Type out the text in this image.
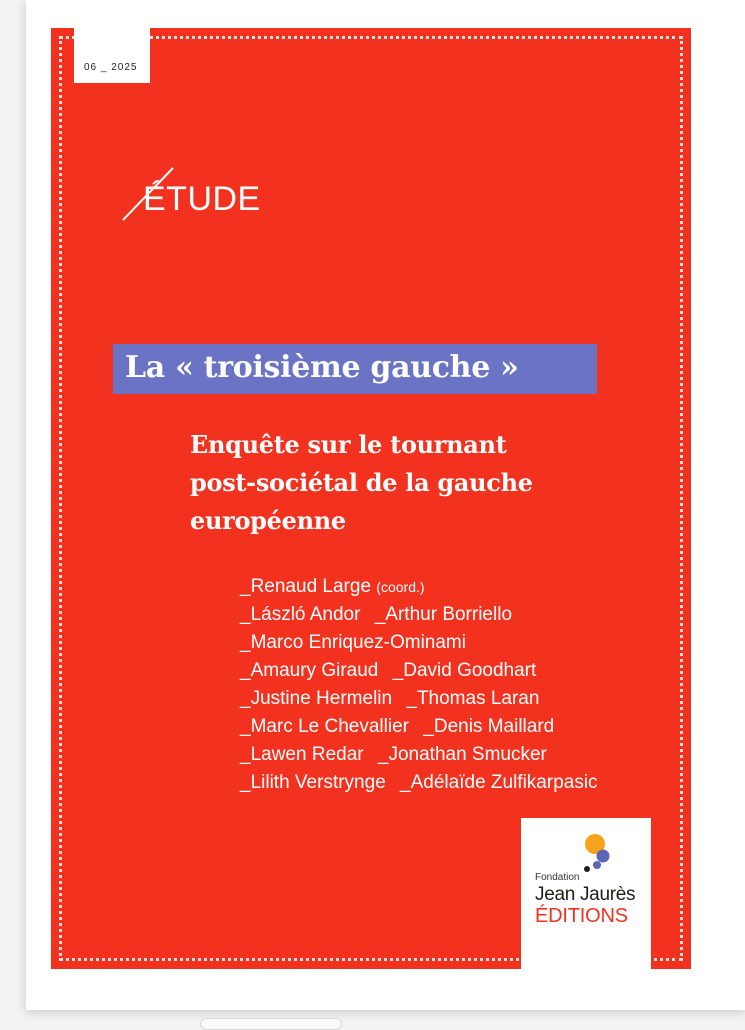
06 _ 2025
ÉTUDE
La « troisième gauche »
Enquête sur le tournant
post-sociétal de la gauche
européenne
_ Renaud Large (coord.)
_ László Andor _ Arthur Borriello
_ Marco Enriquez-Ominami
_ Amaury Giraud _ David Goodhart
_ Justine Hermelin _ Thomas Laran
_ Marc Le Chevallier _ Denis Maillard
_ Lawen Redar _ Jonathan Smucker
_ Lilith Verstrynge _ Adélaïde Zulfikarpasic
Fondation
Jean Jaurès
ÉDITIONS
